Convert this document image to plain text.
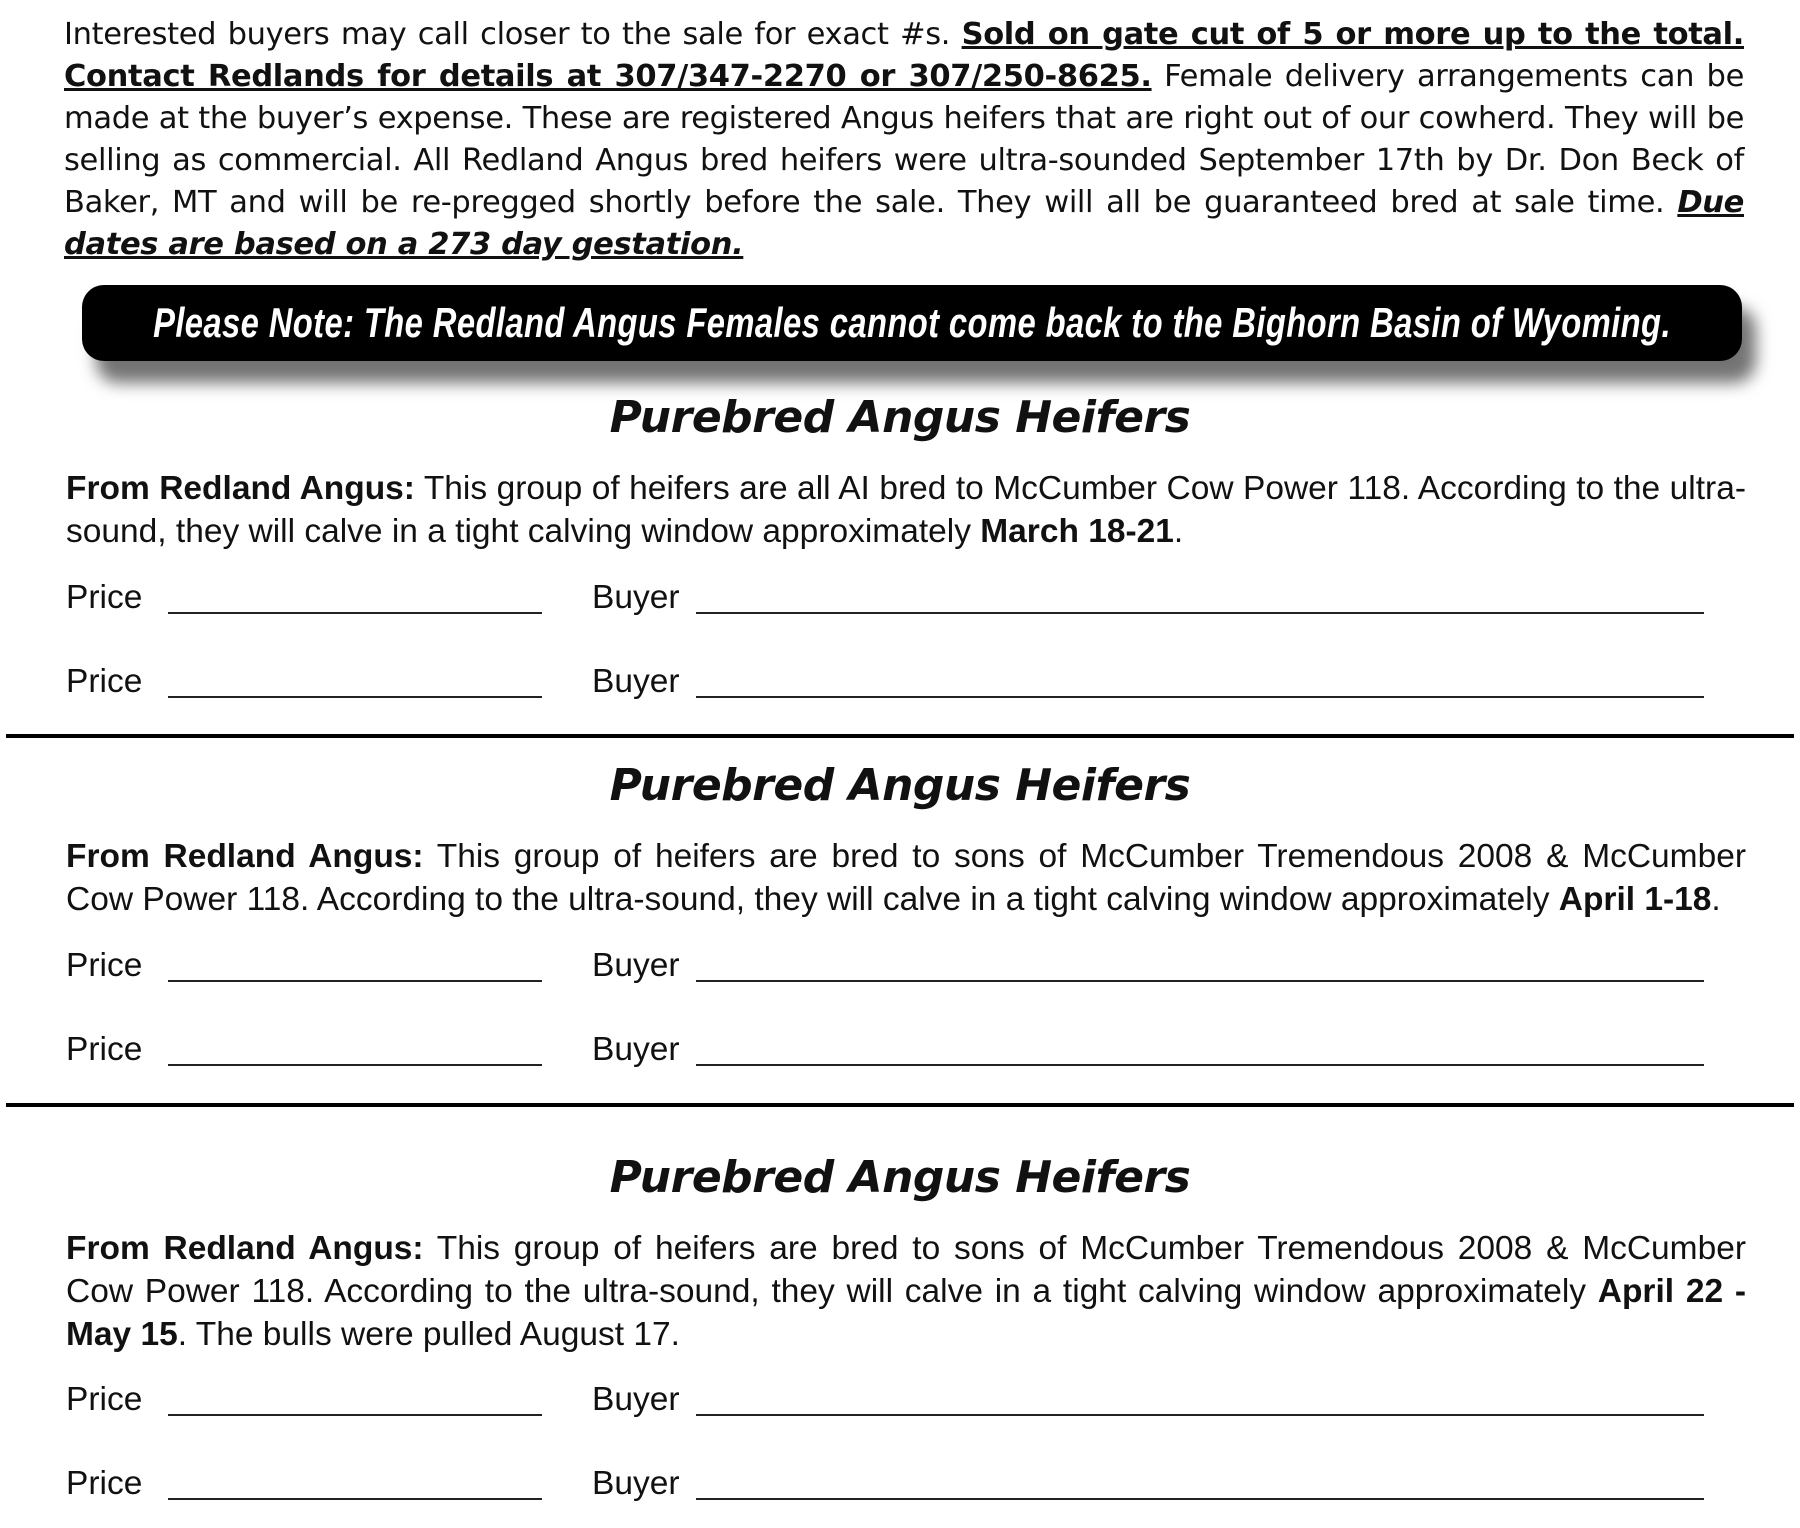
Interested buyers may call closer to the sale for exact #s. Sold on gate cut of 5 or more up to the total. Contact Redlands for details at 307/347-2270 or 307/250-8625. Female delivery arrangements can be made at the buyer’s expense. These are registered Angus heifers that are right out of our cowherd. They will be selling as commercial. All Redland Angus bred heifers were ultra-sounded September 17th by Dr. Don Beck of Baker, MT and will be re-pregged shortly before the sale. They will all be guaranteed bred at sale time. Due dates are based on a 273 day gestation.
Please Note: The Redland Angus Females cannot come back to the Bighorn Basin of Wyoming.
Purebred Angus Heifers
From Redland Angus: This group of heifers are all AI bred to McCumber Cow Power 118. According to the ultra-sound, they will calve in a tight calving window approximately March 18-21.
Price	Buyer
Price	Buyer
Purebred Angus Heifers
From Redland Angus: This group of heifers are bred to sons of McCumber Tremendous 2008 & McCumber Cow Power 118. According to the ultra-sound, they will calve in a tight calving window approximately April 1-18.
Price	Buyer
Price	Buyer
Purebred Angus Heifers
From Redland Angus: This group of heifers are bred to sons of McCumber Tremendous 2008 & McCumber Cow Power 118. According to the ultra-sound, they will calve in a tight calving window approximately April 22 - May 15. The bulls were pulled August 17.
Price	Buyer
Price	Buyer
